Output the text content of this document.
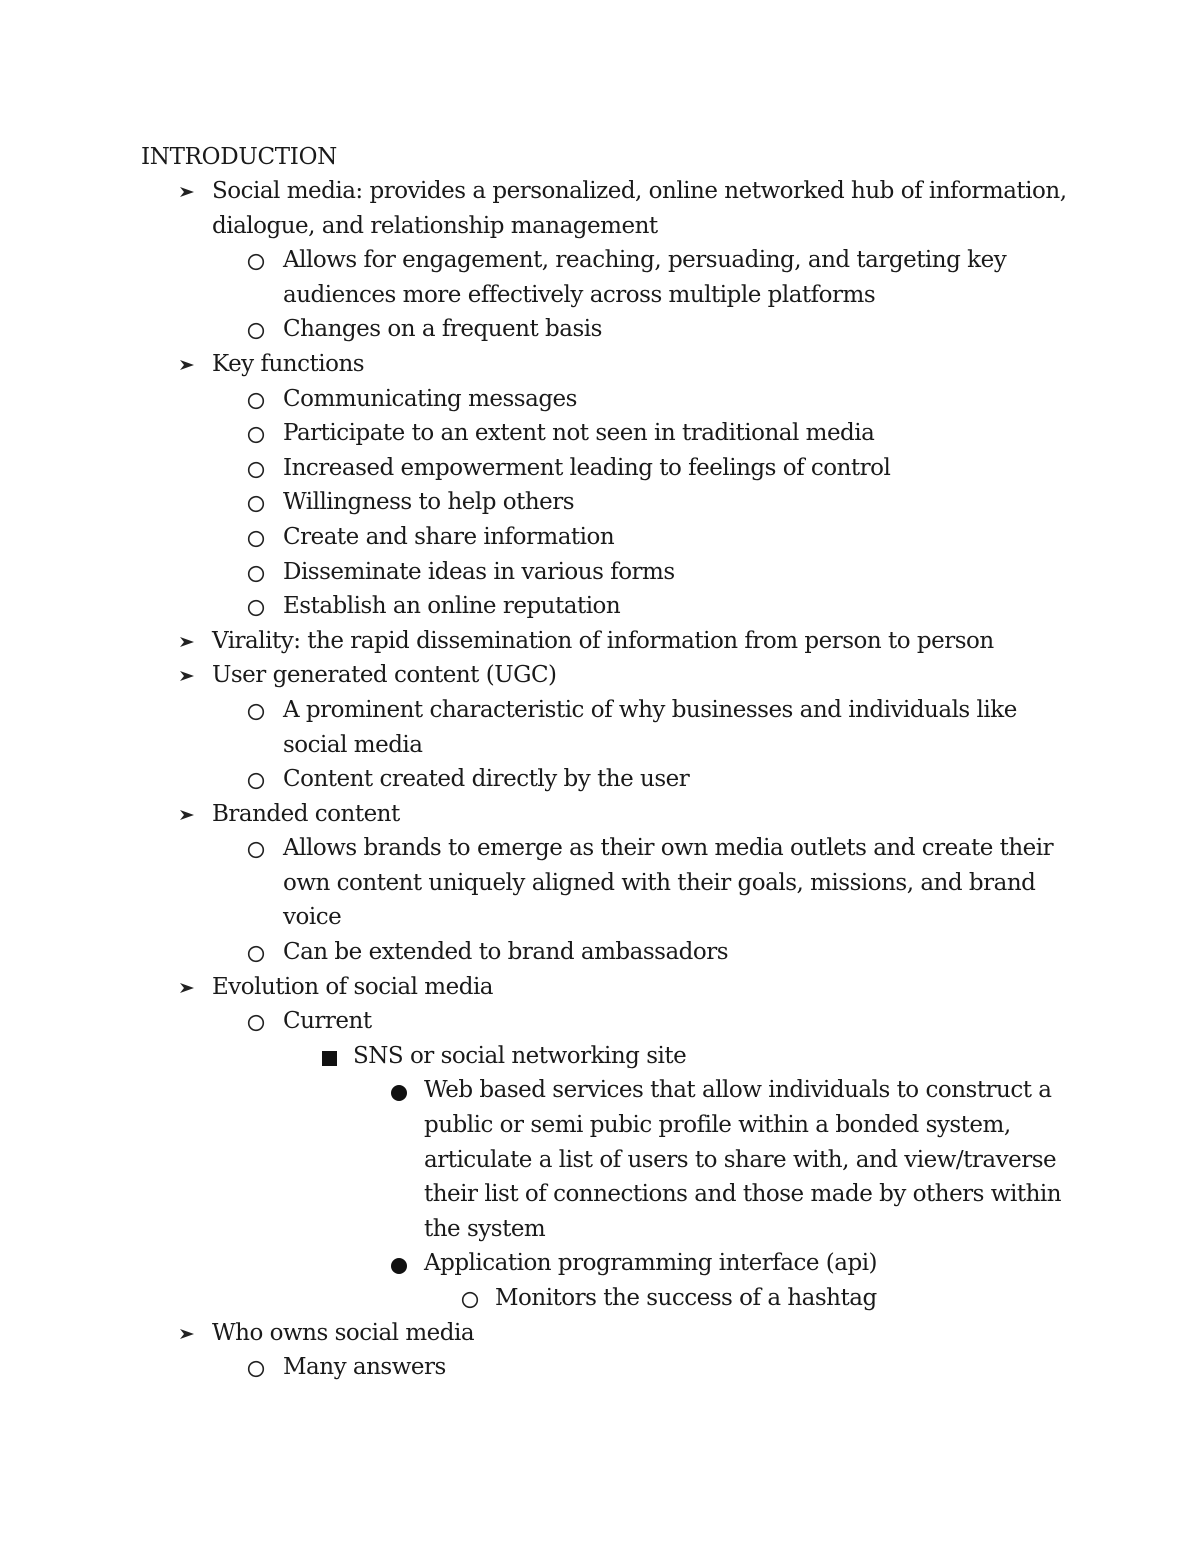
INTRODUCTION
Social media: provides a personalized, online networked hub of information,
dialogue, and relationship management
Allows for engagement, reaching, persuading, and targeting key
audiences more effectively across multiple platforms
Changes on a frequent basis
Key functions
Communicating messages
Participate to an extent not seen in traditional media
Increased empowerment leading to feelings of control
Willingness to help others
Create and share information
Disseminate ideas in various forms
Establish an online reputation
Virality: the rapid dissemination of information from person to person
User generated content (UGC)
A prominent characteristic of why businesses and individuals like
social media
Content created directly by the user
Branded content
Allows brands to emerge as their own media outlets and create their
own content uniquely aligned with their goals, missions, and brand
voice
Can be extended to brand ambassadors
Evolution of social media
Current
SNS or social networking site
Web based services that allow individuals to construct a
public or semi pubic profile within a bonded system,
articulate a list of users to share with, and view/traverse
their list of connections and those made by others within
the system
Application programming interface (api)
Monitors the success of a hashtag
Who owns social media
Many answers
